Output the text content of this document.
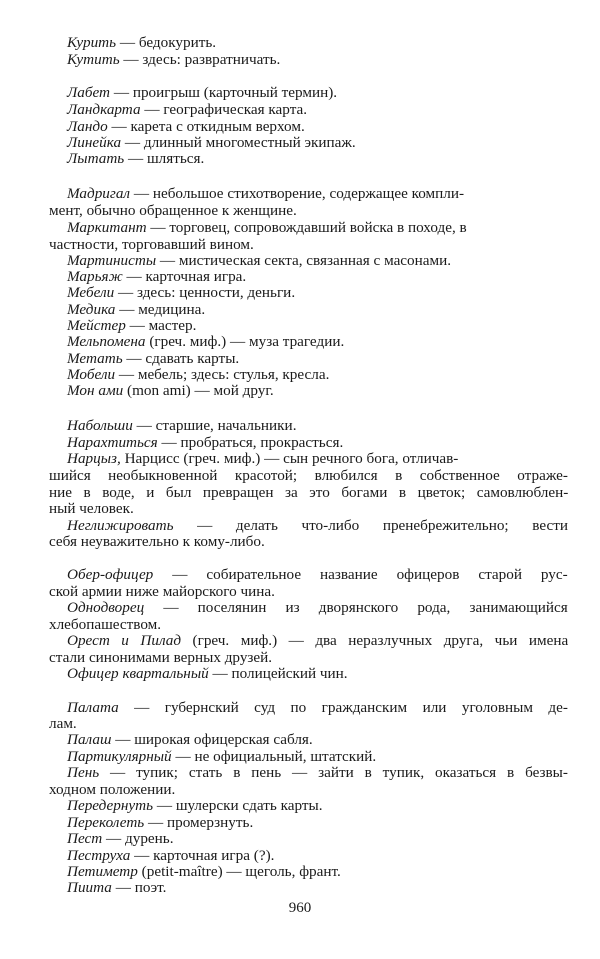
Курить — бедокурить.
Кутить — здесь: развратничать.
Лабет — проигрыш (карточный термин).
Ландкарта — географическая карта.
Ландо — карета с откидным верхом.
Линейка — длинный многоместный экипаж.
Лытать — шляться.
Мадригал — небольшое стихотворение, содержащее компли-
мент, обычно обращенное к женщине.
Маркитант — торговец, сопровождавший войска в походе, в
частности, торговавший вином.
Мартинисты — мистическая секта, связанная с масонами.
Марьяж — карточная игра.
Мебели — здесь: ценности, деньги.
Медика — медицина.
Мейстер — мастер.
Мельпомена (греч. миф.) — муза трагедии.
Метать — сдавать карты.
Мобели — мебель; здесь: стулья, кресла.
Мон ами (mon ami) — мой друг.
Набольши — старшие, начальники.
Нарахтиться — пробраться, прокрасться.
Нарцыз, Нарцисс (греч. миф.) — сын речного бога, отличав-
шийся необыкновенной красотой; влюбился в собственное отраже-
ние в воде, и был превращен за это богами в цветок; самовлюблен-
ный человек.
Неглижировать — делать что-либо пренебрежительно; вести
себя неуважительно к кому-либо.
Обер-офицер — собирательное название офицеров старой рус-
ской армии ниже майорского чина.
Однодворец — поселянин из дворянского рода, занимающийся
хлебопашеством.
Орест и Пилад (греч. миф.) — два неразлучных друга, чьи имена
стали синонимами верных друзей.
Офицер квартальный — полицейский чин.
Палата — губернский суд по гражданским или уголовным де-
лам.
Палаш — широкая офицерская сабля.
Партикулярный — не официальный, штатский.
Пень — тупик; стать в пень — зайти в тупик, оказаться в безвы-
ходном положении.
Передернуть — шулерски сдать карты.
Переколеть — промерзнуть.
Пест — дурень.
Пеструха — карточная игра (?).
Петиметр (petit-maître) — щеголь, франт.
Пиита — поэт.
960
